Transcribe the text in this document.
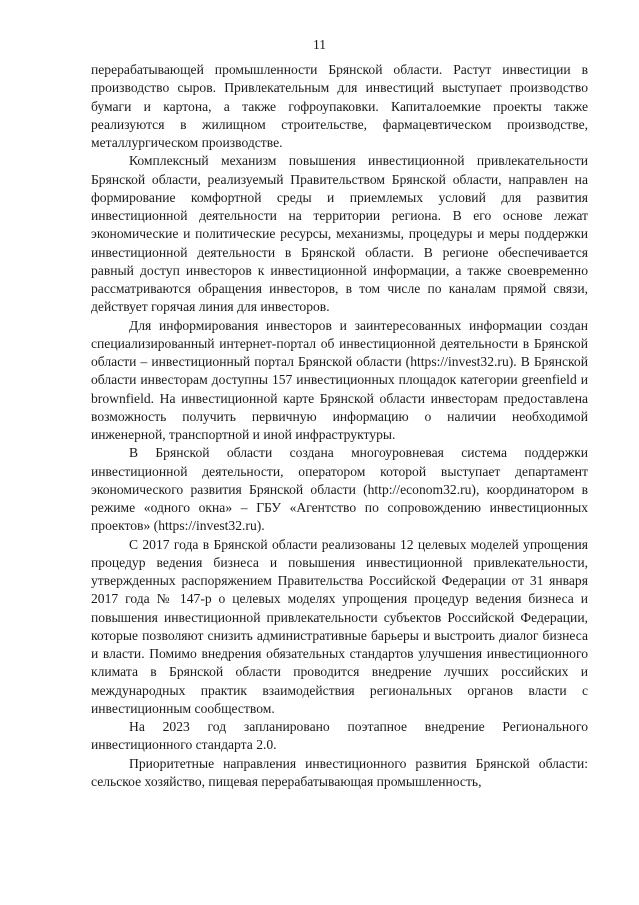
11

перерабатывающей промышленности Брянской области. Растут инвестиции в производство сыров. Привлекательным для инвестиций выступает производство бумаги и картона, а также гофроупаковки. Капиталоемкие проекты также реализуются в жилищном строительстве, фармацевтическом производстве, металлургическом производстве.

Комплексный механизм повышения инвестиционной привлекательности Брянской области, реализуемый Правительством Брянской области, направлен на формирование комфортной среды и приемлемых условий для развития инвестиционной деятельности на территории региона. В его основе лежат экономические и политические ресурсы, механизмы, процедуры и меры поддержки инвестиционной деятельности в Брянской области. В регионе обеспечивается равный доступ инвесторов к инвестиционной информации, а также своевременно рассматриваются обращения инвесторов, в том числе по каналам прямой связи, действует горячая линия для инвесторов.

Для информирования инвесторов и заинтересованных информации создан специализированный интернет-портал об инвестиционной деятельности в Брянской области – инвестиционный портал Брянской области (https://invest32.ru). В Брянской области инвесторам доступны 157 инвестиционных площадок категории greenfield и brownfield. На инвестиционной карте Брянской области инвесторам предоставлена возможность получить первичную информацию о наличии необходимой инженерной, транспортной и иной инфраструктуры.

В Брянской области создана многоуровневая система поддержки инвестиционной деятельности, оператором которой выступает департамент экономического развития Брянской области (http://econom32.ru), координатором в режиме «одного окна» – ГБУ «Агентство по сопровождению инвестиционных проектов» (https://invest32.ru).

С 2017 года в Брянской области реализованы 12 целевых моделей упрощения процедур ведения бизнеса и повышения инвестиционной привлекательности, утвержденных распоряжением Правительства Российской Федерации от 31 января 2017 года № 147-р о целевых моделях упрощения процедур ведения бизнеса и повышения инвестиционной привлекательности субъектов Российской Федерации, которые позволяют снизить административные барьеры и выстроить диалог бизнеса и власти. Помимо внедрения обязательных стандартов улучшения инвестиционного климата в Брянской области проводится внедрение лучших российских и международных практик взаимодействия региональных органов власти с инвестиционным сообществом.

На 2023 год запланировано поэтапное внедрение Регионального инвестиционного стандарта 2.0.

Приоритетные направления инвестиционного развития Брянской области: сельское хозяйство, пищевая перерабатывающая промышленность,
